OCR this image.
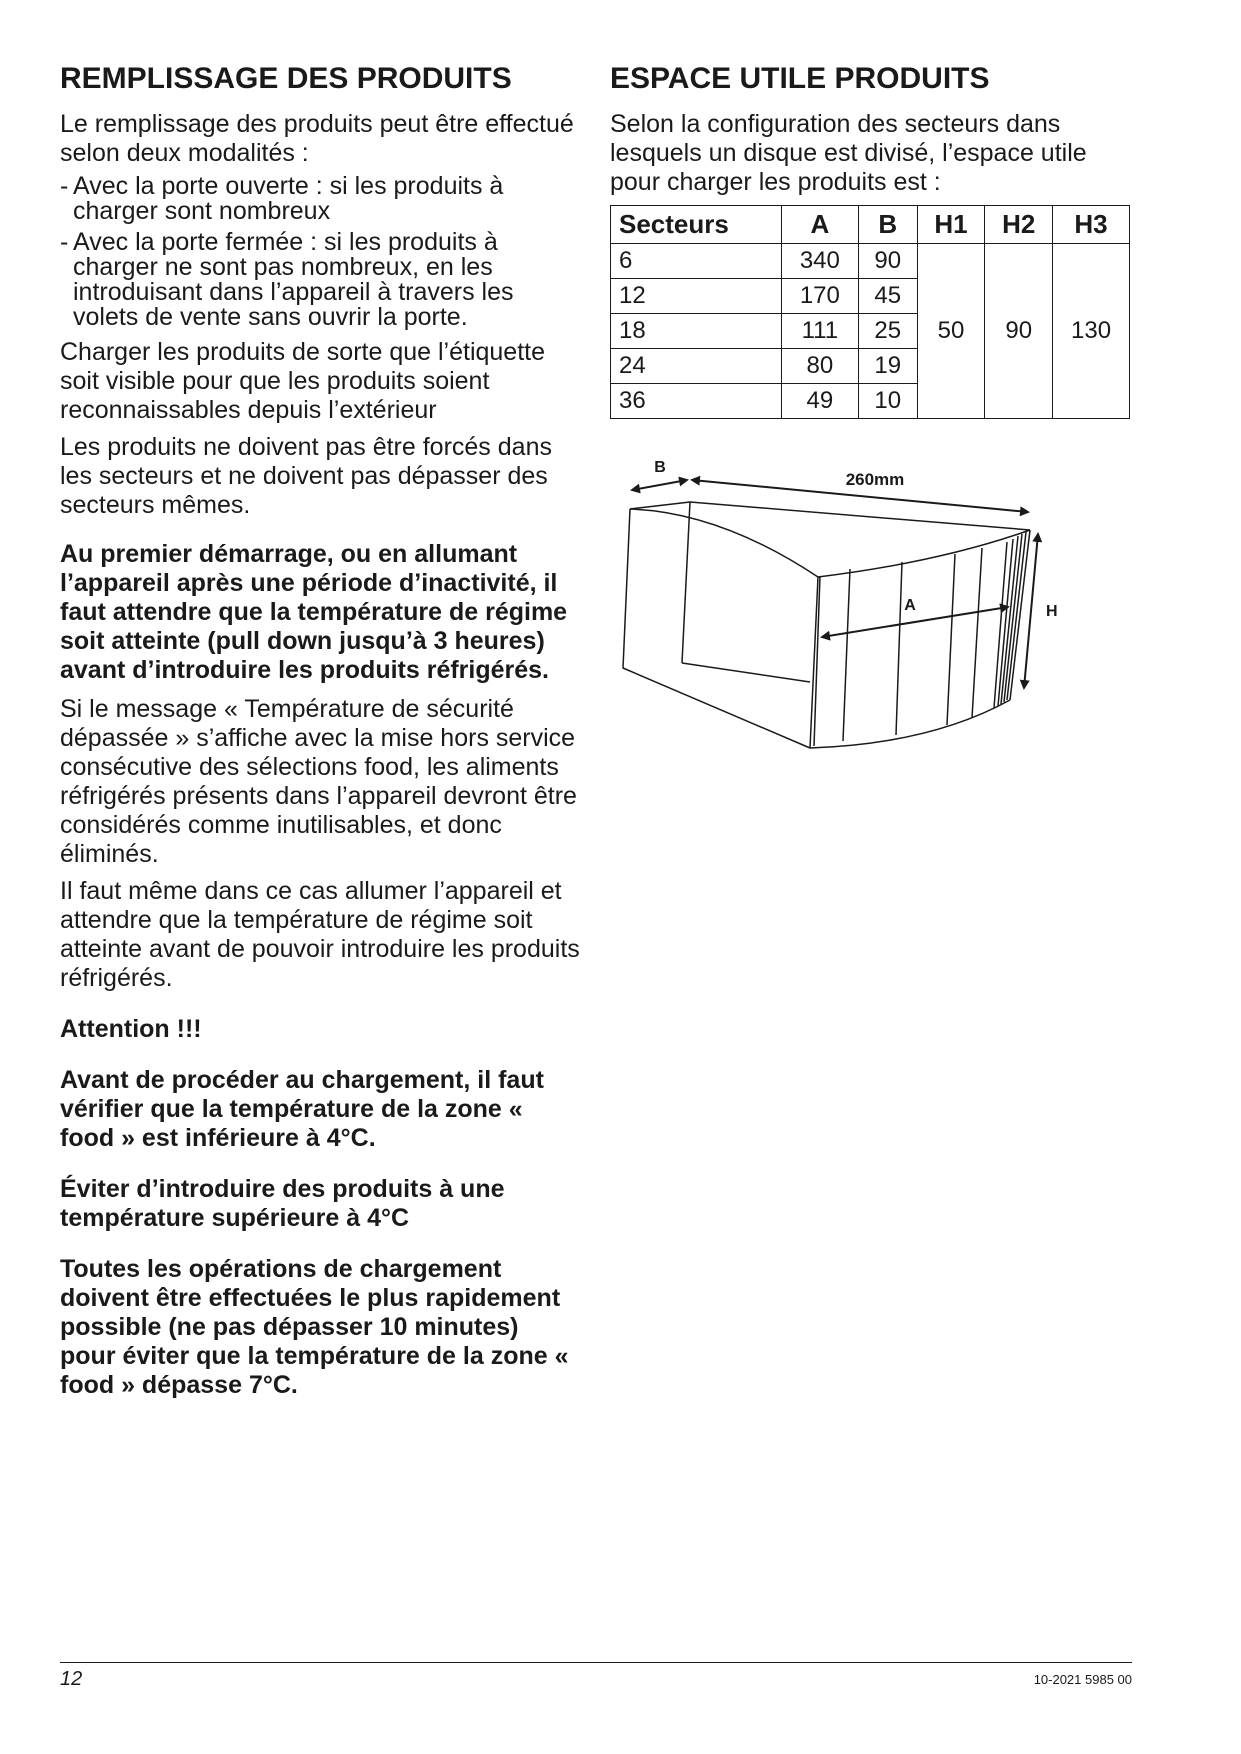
REMPLISSAGE DES PRODUITS

Le remplissage des produits peut être effectué selon deux modalités :

- Avec la porte ouverte : si les produits à charger sont nombreux
- Avec la porte fermée : si les produits à charger ne sont pas nombreux, en les introduisant dans l’appareil à travers les volets de vente sans ouvrir la porte.

Charger les produits de sorte que l’étiquette soit visible pour que les produits soient reconnaissables depuis l’extérieur

Les produits ne doivent pas être forcés dans les secteurs et ne doivent pas dépasser des secteurs mêmes.

Au premier démarrage, ou en allumant l’appareil après une période d’inactivité, il faut attendre que la température de régime soit atteinte (pull down jusqu’à 3 heures) avant d’introduire les produits réfrigérés.

Si le message « Température de sécurité dépassée » s’affiche avec la mise hors service consécutive des sélections food, les aliments réfrigérés présents dans l’appareil devront être considérés comme inutilisables, et donc éliminés.

Il faut même dans ce cas allumer l’appareil et attendre que la température de régime soit atteinte avant de pouvoir introduire les produits réfrigérés.

Attention !!!

Avant de procéder au chargement, il faut vérifier que la température de la zone « food » est inférieure à 4°C.

Éviter d’introduire des produits à une température supérieure à 4°C

Toutes les opérations de chargement doivent être effectuées le plus rapidement possible (ne pas dépasser 10 minutes) pour éviter que la température de la zone « food » dépasse 7°C.

ESPACE UTILE PRODUITS

Selon la configuration des secteurs dans lesquels un disque est divisé, l’espace utile pour charger les produits est :

Secteurs	A	B	H1	H2	H3
6	340	90	50	90	130
12	170	45			
18	111	25			
24	80	19			
36	49	10			
B
260mm
A	H
12	10-2021 5985 00
